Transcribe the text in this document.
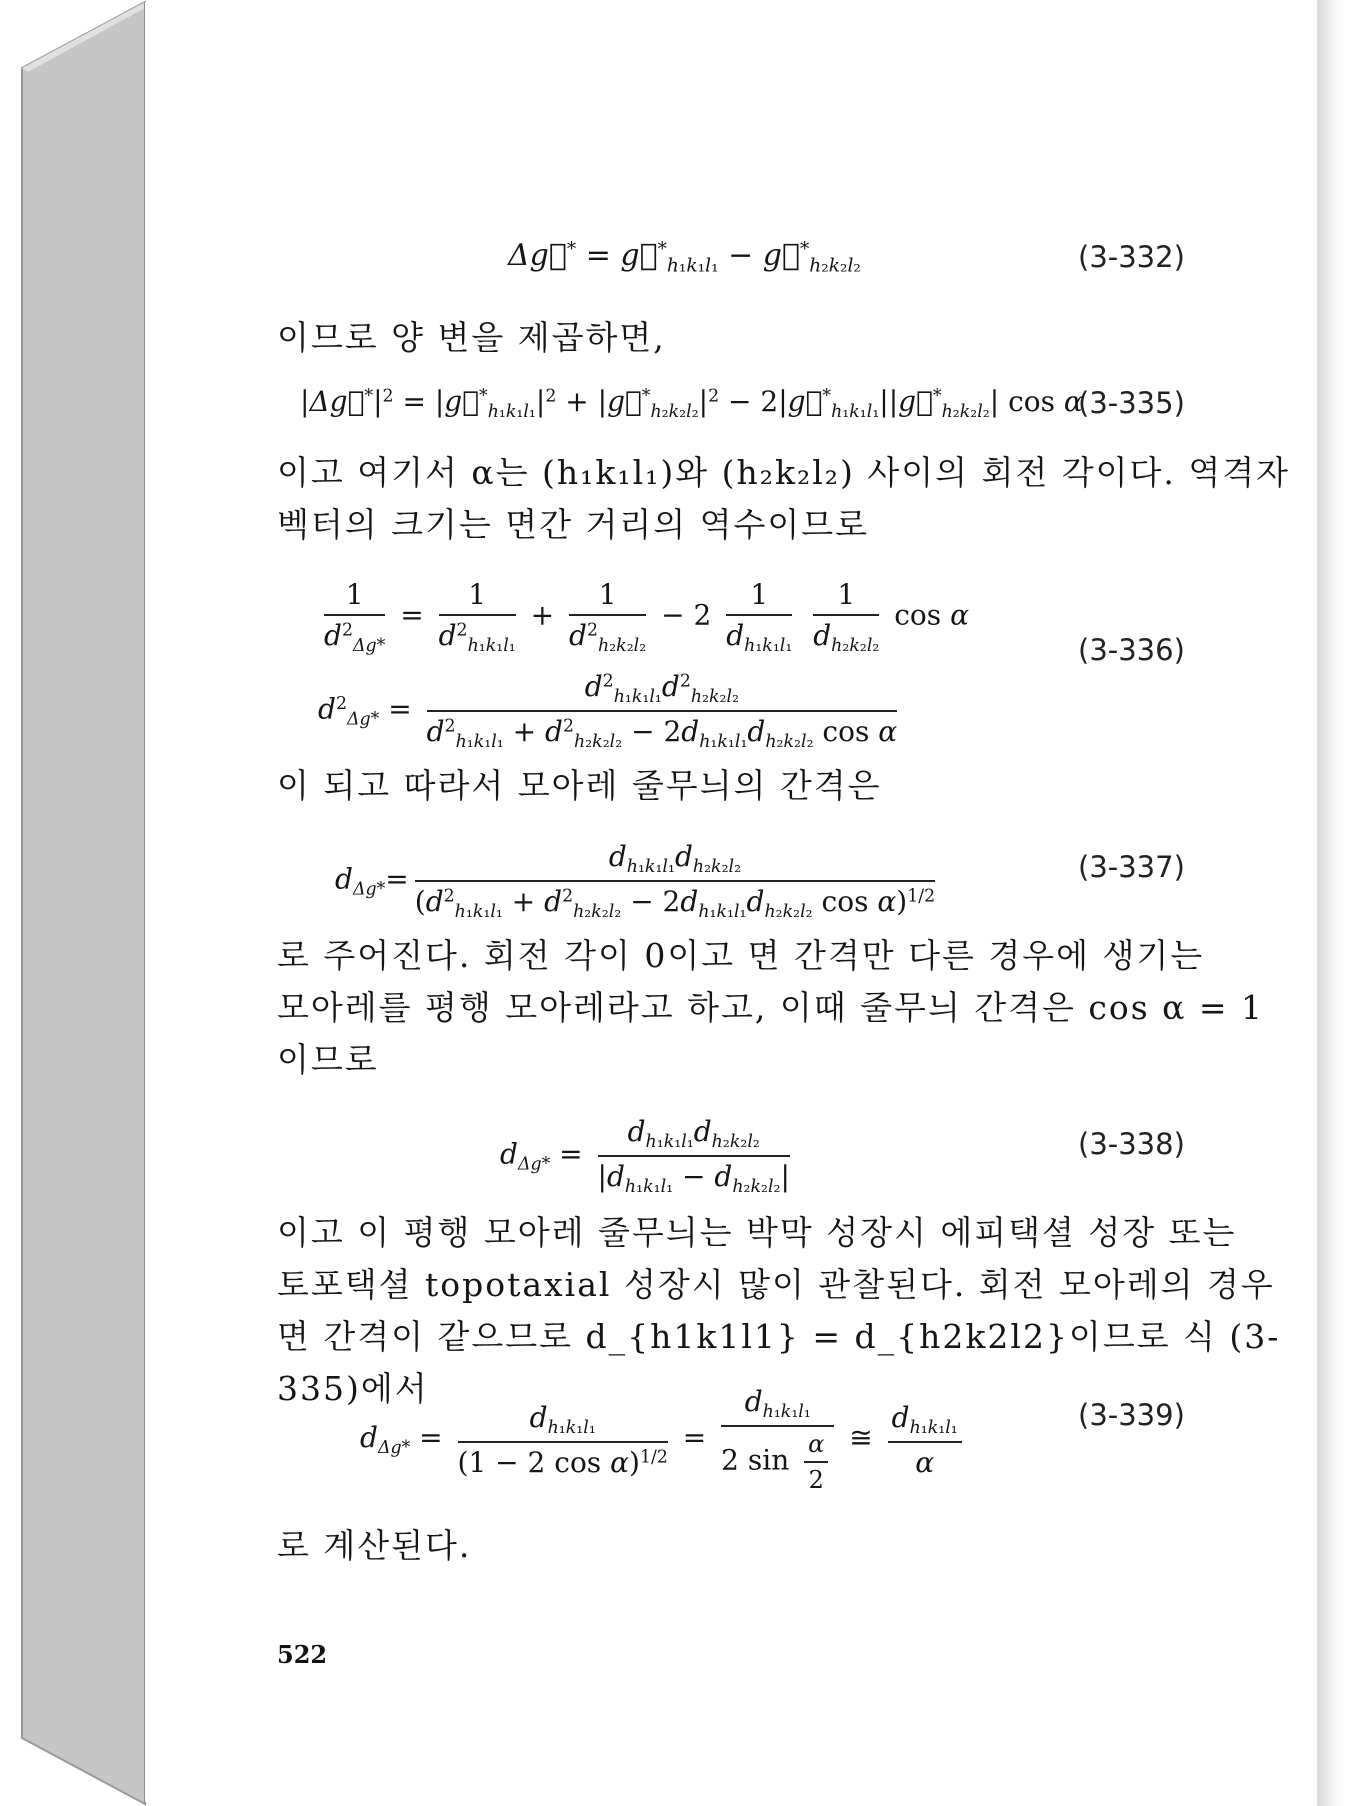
Δg⃗* = $g⃗^*_{h_1k_1l_1}$ − $g⃗^*_{h_2k_2l_2}$	(3-332)
이므로 양 변을 제곱하면,
$|\Delta g⃗^*|^2$ = $|g⃗^*_{h_1k_1l_1}|^2$ + $|g⃗^*_{h_2k_2l_2}|^2$ − $2|g⃗^*_{h_1k_1l_1}||g⃗^*_{h_2k_2l_2}|$ cos α
(3-335)
이고 여기서 α는 (h₁k₁l₁)와 (h₂k₂l₂) 사이의 회전 각이다. 역격자
벡터의 크기는 면간 거리의 역수이므로
$\frac{1}{d^2_{\Delta g*}} = \frac{1}{d^2_{h_1k_1l_1}} + \frac{1}{d^2_{h_2k_2l_2}} - 2 \frac{1}{d_{h_1k_1l_1}}$
$\frac{1}{d_{h_2k_2l_2}}$ cos α
$d^2_{\Delta g*} = \frac{d^2_{h_1k_1l_1}d^2_{h_2k_2l_2}}{d^2_{h_1k_1l_1} + d^2_{h_2k_2l_2} - 2d_{h_1k_1l_1}d_{h_2k_2l_2} \cos \alpha}$
(3-336)
이 되고 따라서 모아레 줄무늬의 간격은
$d_{\Delta g*}= \frac{d_{h_1k_1l_1}d_{h_2k_2l_2}}{(d^2_{h_1k_1l_1} + d^2_{h_2k_2l_2} - 2d_{h_1k_1l_1}d_{h_2k_2l_2} \cos \alpha)^{1/2}}$	(3-337)
로 주어진다. 회전 각이 0이고 면 간격만 다른 경우에 생기는
모아레를 평행 모아레라고 하고, 이때 줄무늬 간격은 cos α = 1
이므로
$d_{\Delta g*} = \frac{d_{h_1k_1l_1}d_{h_2k_2l_2}}{|d_{h_1k_1l_1} - d_{h_2k_2l_2}|}$	(3-338)
이고 이 평행 모아레 줄무늬는 박막 성장시 에피택셜 성장 또는
토포택셜 topotaxial 성장시 많이 관찰된다. 회전 모아레의 경우
면 간격이 같으므로 d_{h1k1l1} = d_{h2k2l2}이므로 식 (3-335)에서
$d_{\Delta g*} = \frac{d_{h_1k_1l_1}}{(1 - 2 \cos \alpha)^{1/2}} = \frac{d_{h_1k_1l_1}}{2 \sin \frac{\alpha}{2}}$ ≅ $\frac{d_{h_1k_1l_1}}{\alpha}$	(3-339)
로 계산된다.
522
